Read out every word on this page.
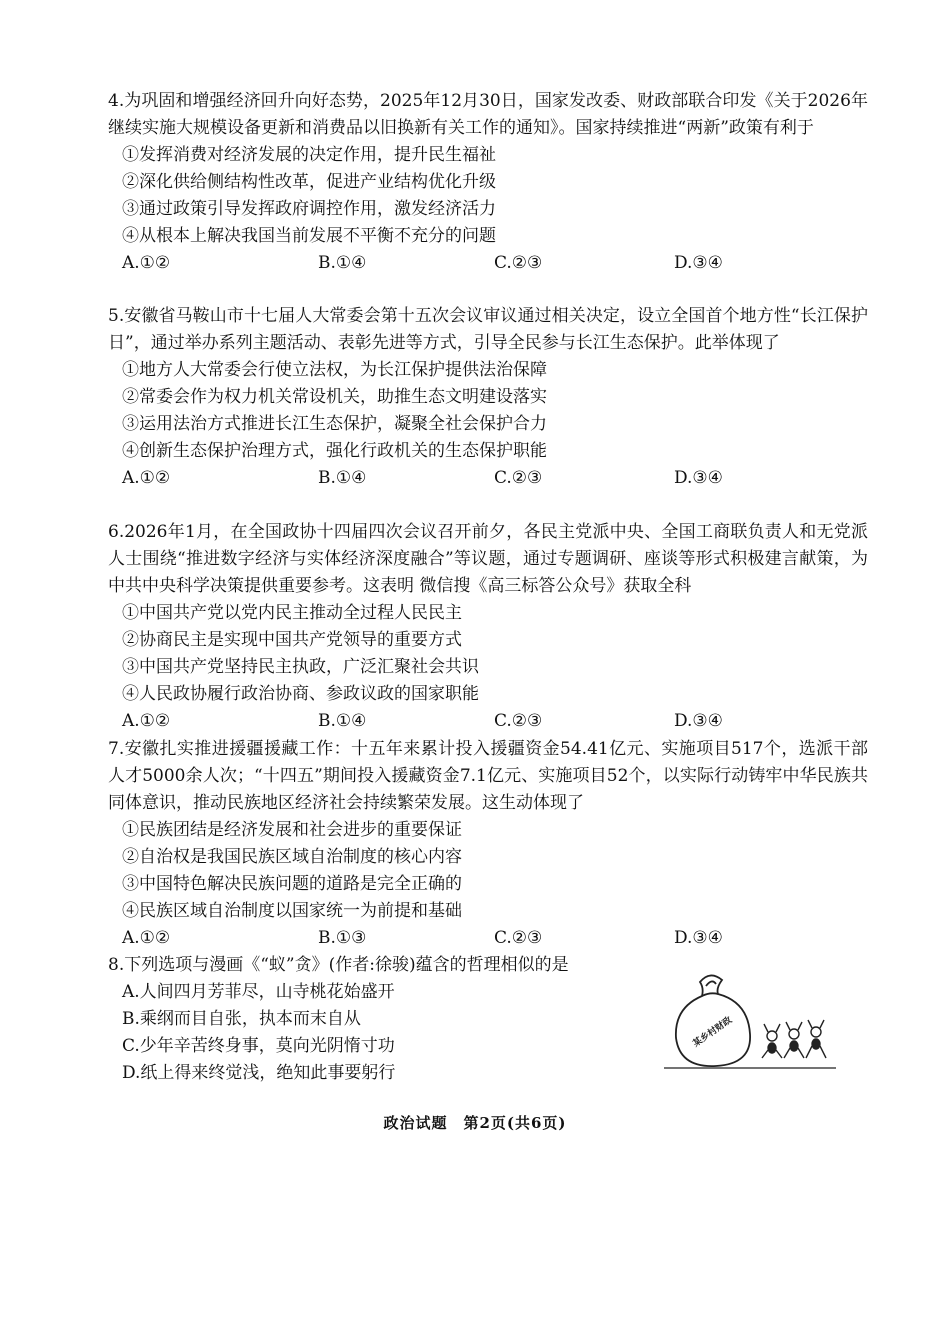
4.为巩固和增强经济回升向好态势，2025年12月30日，国家发改委、财政部联合印发《关于2026年继续实施大规模设备更新和消费品以旧换新有关工作的通知》。国家持续推进“两新”政策有利于

①发挥消费对经济发展的决定作用，提升民生福祉

②深化供给侧结构性改革，促进产业结构优化升级

③通过政策引导发挥政府调控作用，激发经济活力

④从根本上解决我国当前发展不平衡不充分的问题

A.①②	B.①④	C.②③	D.③④

5.安徽省马鞍山市十七届人大常委会第十五次会议审议通过相关决定，设立全国首个地方性“长江保护日”，通过举办系列主题活动、表彰先进等方式，引导全民参与长江生态保护。此举体现了

①地方人大常委会行使立法权，为长江保护提供法治保障

②常委会作为权力机关常设机关，助推生态文明建设落实

③运用法治方式推进长江生态保护，凝聚全社会保护合力

④创新生态保护治理方式，强化行政机关的生态保护职能

A.①②	B.①④	C.②③	D.③④

6.2026年1月，在全国政协十四届四次会议召开前夕，各民主党派中央、全国工商联负责人和无党派人士围绕“推进数字经济与实体经济深度融合”等议题，通过专题调研、座谈等形式积极建言献策，为中共中央科学决策提供重要参考。这表明 微信搜《高三标答公众号》获取全科

①中国共产党以党内民主推动全过程人民民主

②协商民主是实现中国共产党领导的重要方式

③中国共产党坚持民主执政，广泛汇聚社会共识

④人民政协履行政治协商、参政议政的国家职能

A.①②	B.①④	C.②③	D.③④

7.安徽扎实推进援疆援藏工作：十五年来累计投入援疆资金54.41亿元、实施项目517个，选派干部人才5000余人次；“十四五”期间投入援藏资金7.1亿元、实施项目52个，以实际行动铸牢中华民族共同体意识，推动民族地区经济社会持续繁荣发展。这生动体现了

①民族团结是经济发展和社会进步的重要保证

②自治权是我国民族区域自治制度的核心内容

③中国特色解决民族问题的道路是完全正确的

④民族区域自治制度以国家统一为前提和基础

A.①②	B.①③	C.②③	D.③④

8.下列选项与漫画《“蚁”贪》(作者:徐骏)蕴含的哲理相似的是

A.人间四月芳菲尽，山寺桃花始盛开

B.乘纲而目自张，执本而末自从

C.少年辛苦终身事，莫向光阴惰寸功

D.纸上得来终觉浅，绝知此事要躬行

某乡村财政
政治试题　第2页(共6页)
